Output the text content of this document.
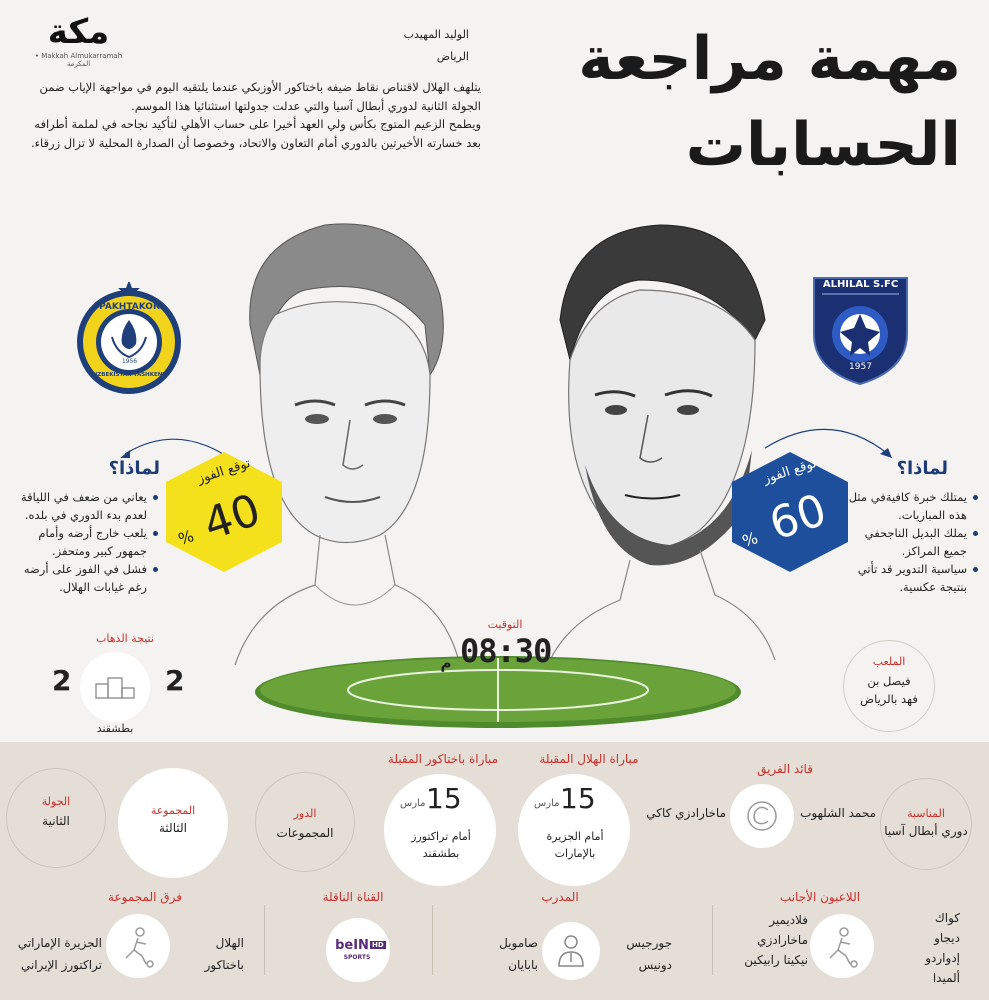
مهمة مراجعة الحسابات
مكة
Makkah Almukarramah • المكرمة
الوليد المهيدب
الرياض

يتلهف الهلال لاقتناص نقاط ضيفه باختاكور الأوزبكي عندما يلتقيه اليوم في مواجهة الإياب ضمن الجولة الثانية لدوري أبطال آسيا والتي عدلت جدولتها استثنائيا هذا الموسم.

ويطمح الزعيم المتوج بكأس ولي العهد أخيرا على حساب الأهلي لتأكيد نجاحه في لملمة أطرافه بعد خسارته الأخيرتين بالدوري أمام التعاون والاتحاد، وخصوصا أن الصدارة المحلية لا تزال زرقاء.

PAKHTAKOR
UZBEKISTAN TASHKENT
1956
ALHILAL S.FC
1957
توقع الفوز
40
%
توقع الفوز
60
%
لماذا؟
يعاني من ضعف في اللياقة لعدم بدء الدوري في بلده.
يلعب خارج أرضه وأمام جمهور كبير ومتحفز.
فشل في الفوز على أرضه رغم غيابات الهلال.
لماذا؟
يمتلك خبرة كافيةفي مثل هذه المباريات.
يملك البديل الناجحفي جميع المراكز.
سياسية التدوير قد تأتي بنتيجة عكسية.
التوقيت
08:30
م
نتيجة الذهاب
2	2
بطشقند
الملعب
فيصل بن فهد بالرياض
المناسبة
دوري أبطال آسيا
قائد الفريق
محمد الشلهوب
ماخارادزي كاكي
مباراة الهلال المقبلة
15
مارس
أمام الجزيرة بالإمارات
مباراة باختاكور المقبلة
15
مارس
أمام تراكتورز بطشقند
الدور
المجموعات
المجموعة
الثالثة
الجولة
الثانية
اللاعبون الأجانب
كواك
ديجاو
إدواردو
ألميدا
فلاديمير
ماخارادزي
نيكيتا رابيكين
المدرب
جورجيس
دونيس
صامويل
بابايان
القناة الناقلة
beIN HD
SPORTS
فرق المجموعة
الهلال
باختاكور
الجزيرة الإماراتي
تراكتورز الإيراني
